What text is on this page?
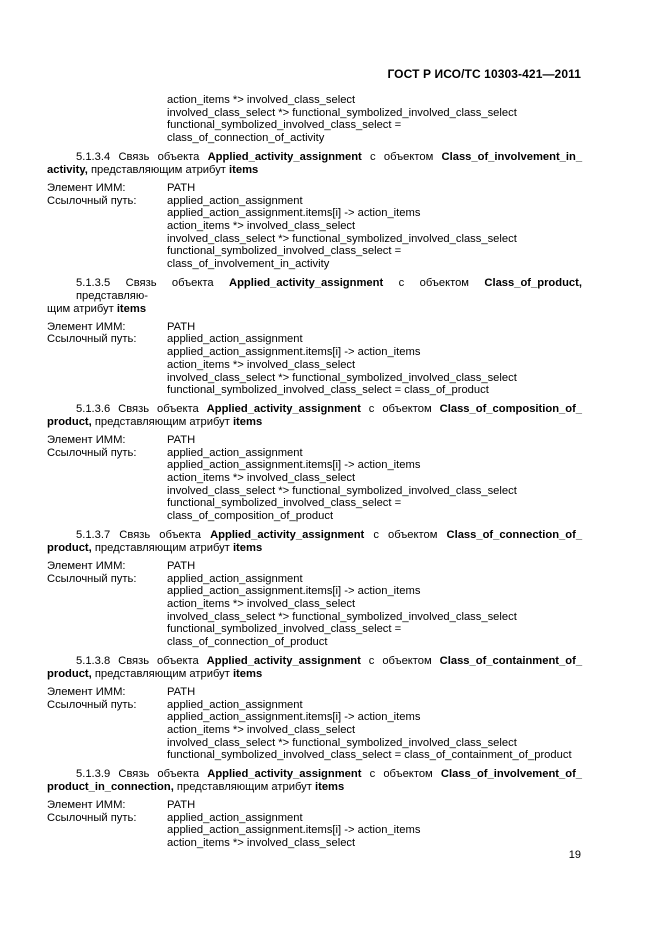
ГОСТ Р ИСО/ТС 10303-421—2011
action_items *> involved_class_select
involved_class_select *> functional_symbolized_involved_class_select
functional_symbolized_involved_class_select =
class_of_connection_of_activity
5.1.3.4 Связь объекта Applied_activity_assignment с объектом Class_of_involvement_in_
activity, представляющим атрибут items
Элемент ИММ:	PATH
Ссылочный путь:	applied_action_assignment
applied_action_assignment.items[i] -> action_items
action_items *> involved_class_select
involved_class_select *> functional_symbolized_involved_class_select
functional_symbolized_involved_class_select =
class_of_involvement_in_activity
5.1.3.5 Связь объекта Applied_activity_assignment с объектом Class_of_product, представляю-
щим атрибут items
Элемент ИММ:	PATH
Ссылочный путь:	applied_action_assignment
applied_action_assignment.items[i] -> action_items
action_items *> involved_class_select
involved_class_select *> functional_symbolized_involved_class_select
functional_symbolized_involved_class_select = class_of_product
5.1.3.6 Связь объекта Applied_activity_assignment с объектом Class_of_composition_of_
product, представляющим атрибут items
Элемент ИММ:	PATH
Ссылочный путь:	applied_action_assignment
applied_action_assignment.items[i] -> action_items
action_items *> involved_class_select
involved_class_select *> functional_symbolized_involved_class_select
functional_symbolized_involved_class_select =
class_of_composition_of_product
5.1.3.7 Связь объекта Applied_activity_assignment с объектом Class_of_connection_of_
product, представляющим атрибут items
Элемент ИММ:	PATH
Ссылочный путь:	applied_action_assignment
applied_action_assignment.items[i] -> action_items
action_items *> involved_class_select
involved_class_select *> functional_symbolized_involved_class_select
functional_symbolized_involved_class_select =
class_of_connection_of_product
5.1.3.8 Связь объекта Applied_activity_assignment с объектом Class_of_containment_of_
product, представляющим атрибут items
Элемент ИММ:	PATH
Ссылочный путь:	applied_action_assignment
applied_action_assignment.items[i] -> action_items
action_items *> involved_class_select
involved_class_select *> functional_symbolized_involved_class_select
functional_symbolized_involved_class_select = class_of_containment_of_product
5.1.3.9 Связь объекта Applied_activity_assignment с объектом Class_of_involvement_of_
product_in_connection, представляющим атрибут items
Элемент ИММ:	PATH
Ссылочный путь:	applied_action_assignment
applied_action_assignment.items[i] -> action_items
action_items *> involved_class_select
19
